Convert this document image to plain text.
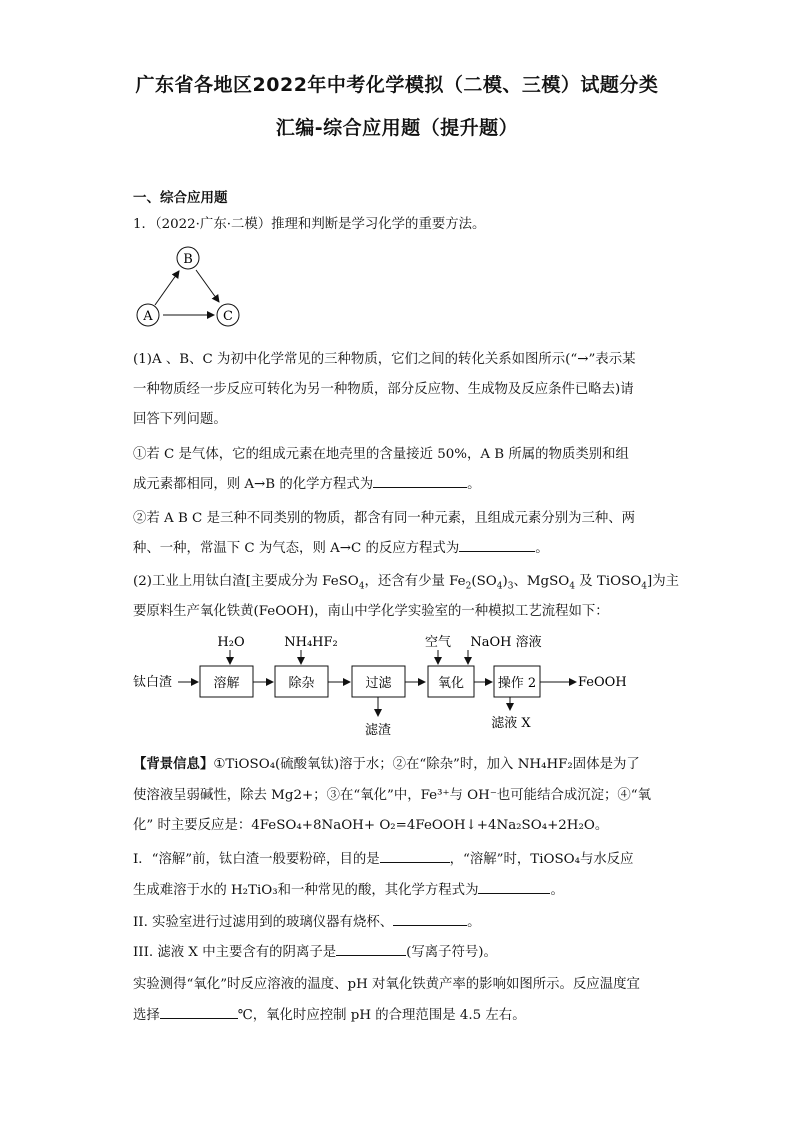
广东省各地区2022年中考化学模拟（二模、三模）试题分类
汇编-综合应用题（提升题）
一、综合应用题
1．（2022·广东·二模）推理和判断是学习化学的重要方法。
B
A	C
(1)A 、B、C 为初中化学常见的三种物质，它们之间的转化关系如图所示(“→”表示某
一种物质经一步反应可转化为另一种物质，部分反应物、生成物及反应条件已略去)请
回答下列问题。
①若 C 是气体，它的组成元素在地壳里的含量接近 50%，A B 所属的物质类别和组
成元素都相同，则 A→B 的化学方程式为	。
②若 A B C 是三种不同类别的物质，都含有同一种元素，且组成元素分别为三种、两
种、一种，常温下 C 为气态，则 A→C 的反应方程式为	。
(2)工业上用钛白渣[主要成分为 FeSO$_4$，还含有少量 $Fe_2(SO_4)_3$、MgSO$_4$ 及 TiOSO$_4$]为主
要原料生产氧化铁黄(FeOOH)，南山中学化学实验室的一种模拟工艺流程如下：
钛白渣	溶解	除杂	过滤	氧化	操作 2	FeOOH
H₂O	NH₄HF₂	空气 NaOH 溶液
滤渣	滤液 X
【背景信息】①TiOSO₄(硫酸氧钛)溶于水；②在“除杂”时，加入 NH₄HF₂固体是为了
使溶液呈弱碱性，除去 Mg2+；③在“氧化”中，Fe³⁺与 OH⁻也可能结合成沉淀；④“氧
化” 时主要反应是：4FeSO₄+8NaOH+ O₂=4FeOOH↓+4Na₂SO₄+2H₂O。
I．“溶解”前，钛白渣一般要粉碎，目的是	，“溶解”时，TiOSO₄与水反应
生成难溶于水的 H₂TiO₃和一种常见的酸，其化学方程式为	。
II. 实验室进行过滤用到的玻璃仪器有烧杯、	。
III. 滤液 X 中主要含有的阴离子是	(写离子符号)。
实验测得“氧化”时反应溶液的温度、pH 对氧化铁黄产率的影响如图所示。反应温度宜
选择	℃，氧化时应控制 pH 的合理范围是 4.5 左右。
